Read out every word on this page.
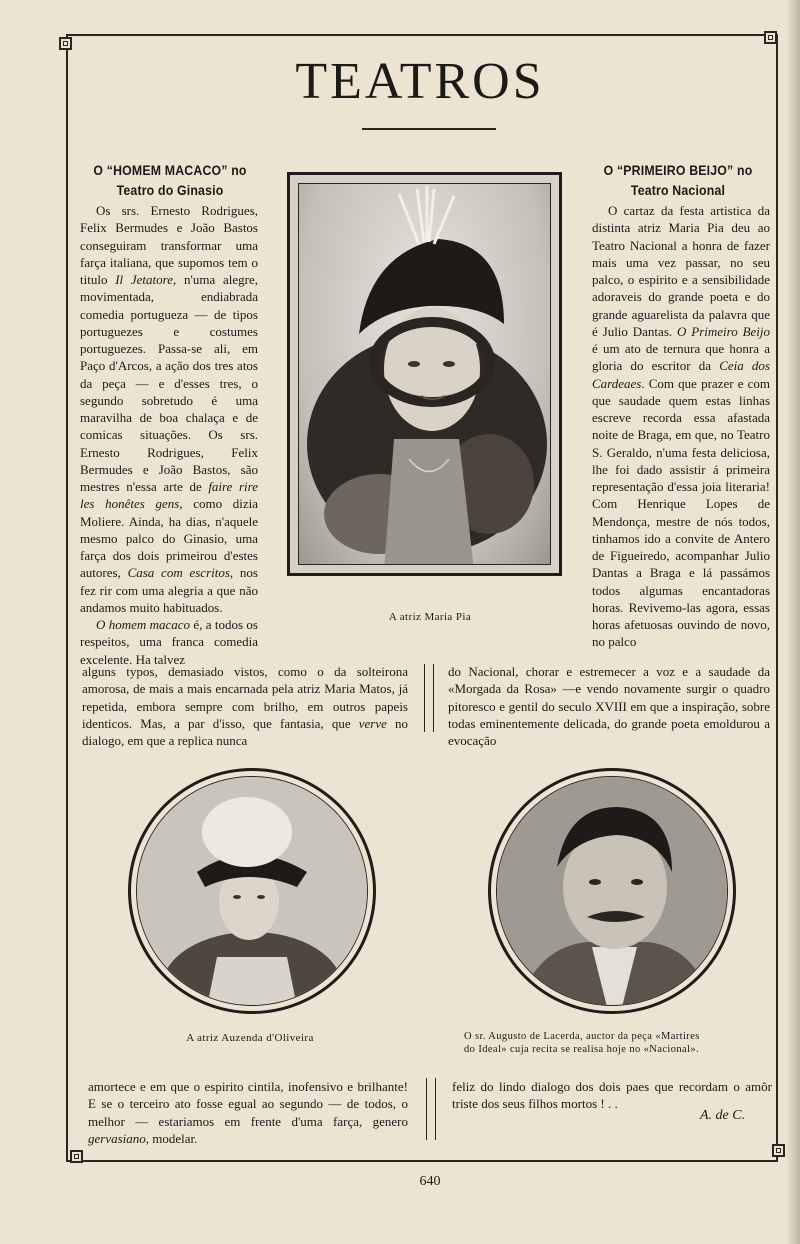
TEATROS
O “HOMEM MACACO” no Teatro do Ginasio

Os srs. Ernesto Rodrigues, Felix Bermudes e João Bastos conseguiram transformar uma farça italiana, que supomos tem o titulo Il Jetatore, n'uma alegre, movimentada, endiabrada comedia portugueza — de tipos portuguezes e costumes portuguezes. Passa-se ali, em Paço d'Arcos, a ação dos tres atos da peça — e d'esses tres, o segundo sobretudo é uma maravilha de boa chalaça e de comicas situações. Os srs. Ernesto Rodrigues, Felix Bermudes e João Bastos, são mestres n'essa arte de faire rire les honêtes gens, como dizia Moliere. Ainda, ha dias, n'aquele mesmo palco do Ginasio, uma farça dos dois primeirou d'estes autores, Casa com escritos, nos fez rir com uma alegria a que não andamos muito habituados.

O homem macaco é, a todos os respeitos, uma franca comedia excelente. Ha talvez

A atriz Maria Pia
O “PRIMEIRO BEIJO” no Teatro Nacional

O cartaz da festa artistica da distinta atriz Maria Pia deu ao Teatro Nacional a honra de fazer mais uma vez passar, no seu palco, o espirito e a sensibilidade adoraveis do grande poeta e do grande aguarelista da palavra que é Julio Dantas. O Primeiro Beijo é um ato de ternura que honra a gloria do escritor da Ceia dos Cardeaes. Com que prazer e com que saudade quem estas linhas escreve recorda essa afastada noite de Braga, em que, no Teatro S. Geraldo, n'uma festa deliciosa, lhe foi dado assistir á primeira representação d'essa joia literaria! Com Henrique Lopes de Mendonça, mestre de nós todos, tinhamos ido a convite de Antero de Figueiredo, acompanhar Julio Dantas a Braga e lá passámos todos algumas encantadoras horas. Revivemo-las agora, essas horas afetuosas ouvindo de novo, no palco

alguns typos, demasiado vistos, como o da solteirona amorosa, de mais a mais encarnada pela atriz Maria Matos, já repetida, embora sempre com brilho, em outros papeis identicos. Mas, a par d'isso, que fantasia, que verve no dialogo, em que a replica nunca

do Nacional, chorar e estremecer a voz e a saudade da «Morgada da Rosa» —e vendo novamente surgir o quadro pitoresco e gentil do seculo XVIII em que a inspiração, sobre todas eminentemente delicada, do grande poeta emoldurou a evocação

A atriz Auzenda d'Oliveira	O sr. Augusto de Lacerda, auctor da peça «Martires
do Ideal» cuja recita se realisa hoje no «Nacional».

amortece e em que o espirito cintila, inofensivo e brilhante! E se o terceiro ato fosse egual ao segundo — de todos, o melhor — estariamos em frente d'uma farça, genero gervasiano, modelar.

feliz do lindo dialogo dos dois paes que recordam o amôr triste dos seus filhos mortos ! . .

A. de C.
640
